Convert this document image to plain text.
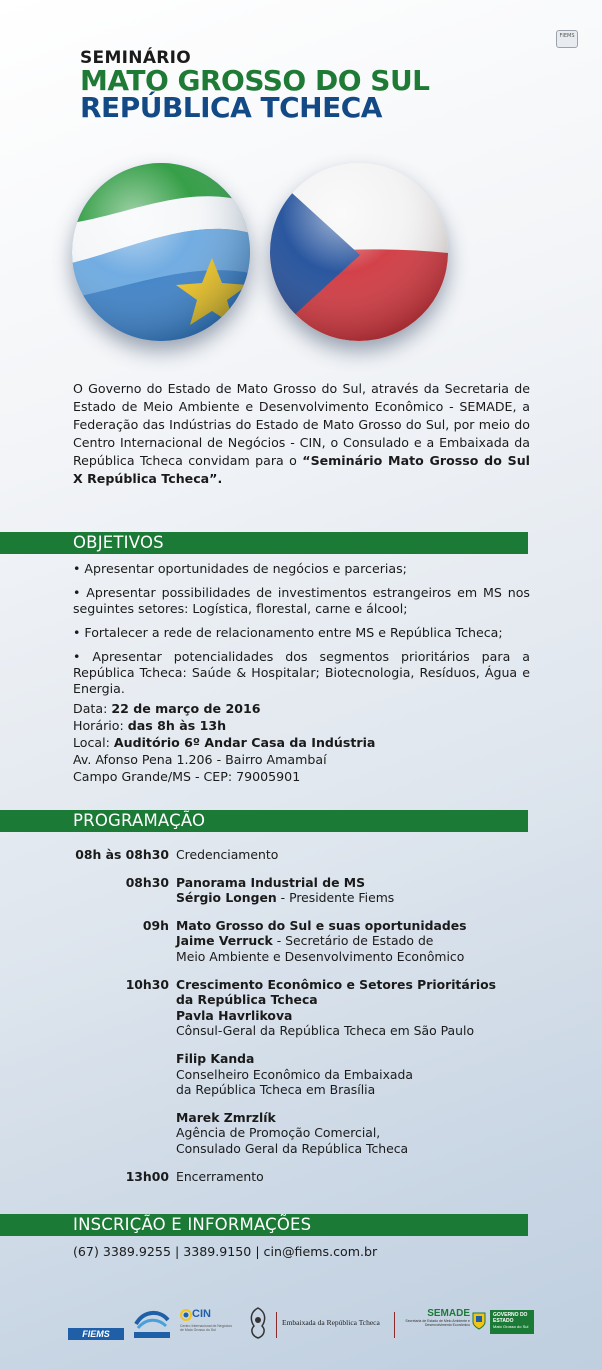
FIEMS
SEMINÁRIO
MATO GROSSO DO SUL
REPÚBLICA TCHECA
O Governo do Estado de Mato Grosso do Sul, através da Secretaria de Estado de Meio Ambiente e Desenvolvimento Econômico - SEMADE, a Federação das Indústrias do Estado de Mato Grosso do Sul, por meio do Centro Internacional de Negócios - CIN, o Consulado e a Embaixada da República Tcheca convidam para o “Seminário Mato Grosso do Sul X República Tcheca”.
OBJETIVOS

• Apresentar oportunidades de negócios e parcerias;

• Apresentar possibilidades de investimentos estrangeiros em MS nos seguintes setores: Logística, florestal, carne e álcool;

• Fortalecer a rede de relacionamento entre MS e República Tcheca;

• Apresentar potencialidades dos segmentos prioritários para a República Tcheca: Saúde & Hospitalar; Biotecnologia, Resíduos, Água e Energia.

Data: 22 de março de 2016
Horário: das 8h às 13h
Local: Auditório 6º Andar Casa da Indústria
Av. Afonso Pena 1.206 - Bairro Amambaí
Campo Grande/MS - CEP: 79005901
PROGRAMAÇÃO
08h às 08h30 Credenciamento
08h30 Panorama Industrial de MS
Sérgio Longen - Presidente Fiems
09h Mato Grosso do Sul e suas oportunidades
Jaime Verruck - Secretário de Estado de
Meio Ambiente e Desenvolvimento Econômico
10h30 Crescimento Econômico e Setores Prioritários
da República Tcheca
Pavla Havrlikova
Cônsul-Geral da República Tcheca em São Paulo
Filip Kanda
Conselheiro Econômico da Embaixada
da República Tcheca em Brasília
Marek Zmrzlík
Agência de Promoção Comercial,
Consulado Geral da República Tcheca
13h00 Encerramento
INSCRIÇÃO E INFORMAÇÕES
(67) 3389.9255 | 3389.9150 | cin@fiems.com.br
FIEMS
CIN
Centro Internacional de Negócios de Mato Grosso do Sul
Embaixada da República Tcheca
SEMADE
Secretaria de Estado de Meio Ambiente e Desenvolvimento Econômico
GOVERNO DO ESTADO
Mato Grosso do Sul
